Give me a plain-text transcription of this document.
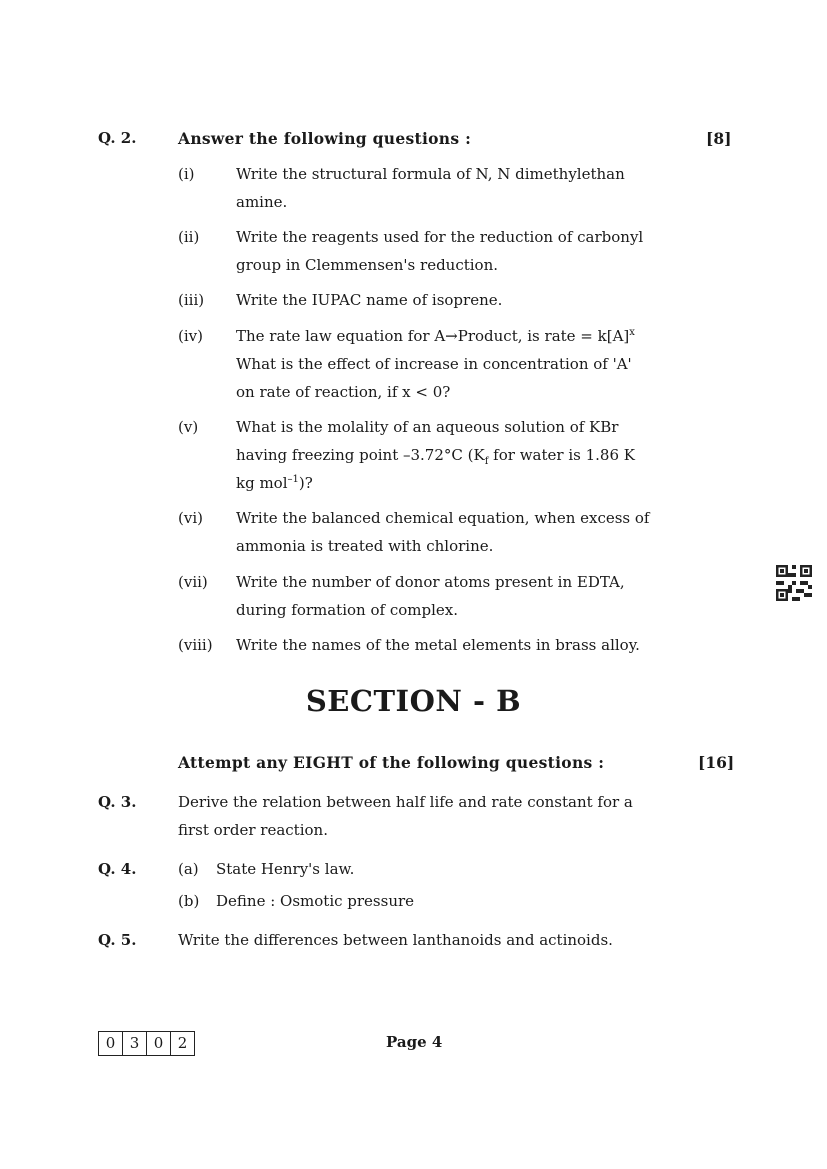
Q. 2.	Answer the following questions :	[8]
(i)	Write the structural formula of N, N dimethylethan amine.
(ii) Write the reagents used for the reduction of carbonyl group in Clemmensen's reduction.
(iii) Write the IUPAC name of isoprene.
(iv) The rate law equation for A→Product, is rate = $k[A]^x$
What is the effect of increase in concentration of 'A' on rate of reaction, if x < 0?
(v)	What is the molality of an aqueous solution of KBr having freezing point –3.72°C ($K_f$ for water is 1.86 K kg mol$^{-1}$)?
(vi) Write the balanced chemical equation, when excess of ammonia is treated with chlorine.
(vii) Write the number of donor atoms present in EDTA, during formation of complex.
(viii) Write the names of the metal elements in brass alloy.
SECTION - B
Attempt any EIGHT of the following questions :	[16]
Q. 3.	Derive the relation between half life and rate constant for a first order reaction.
Q. 4.	(a) State Henry's law.
(b) Define : Osmotic pressure
Q. 5.	Write the differences between lanthanoids and actinoids.
0 3 0 2	Page 4
